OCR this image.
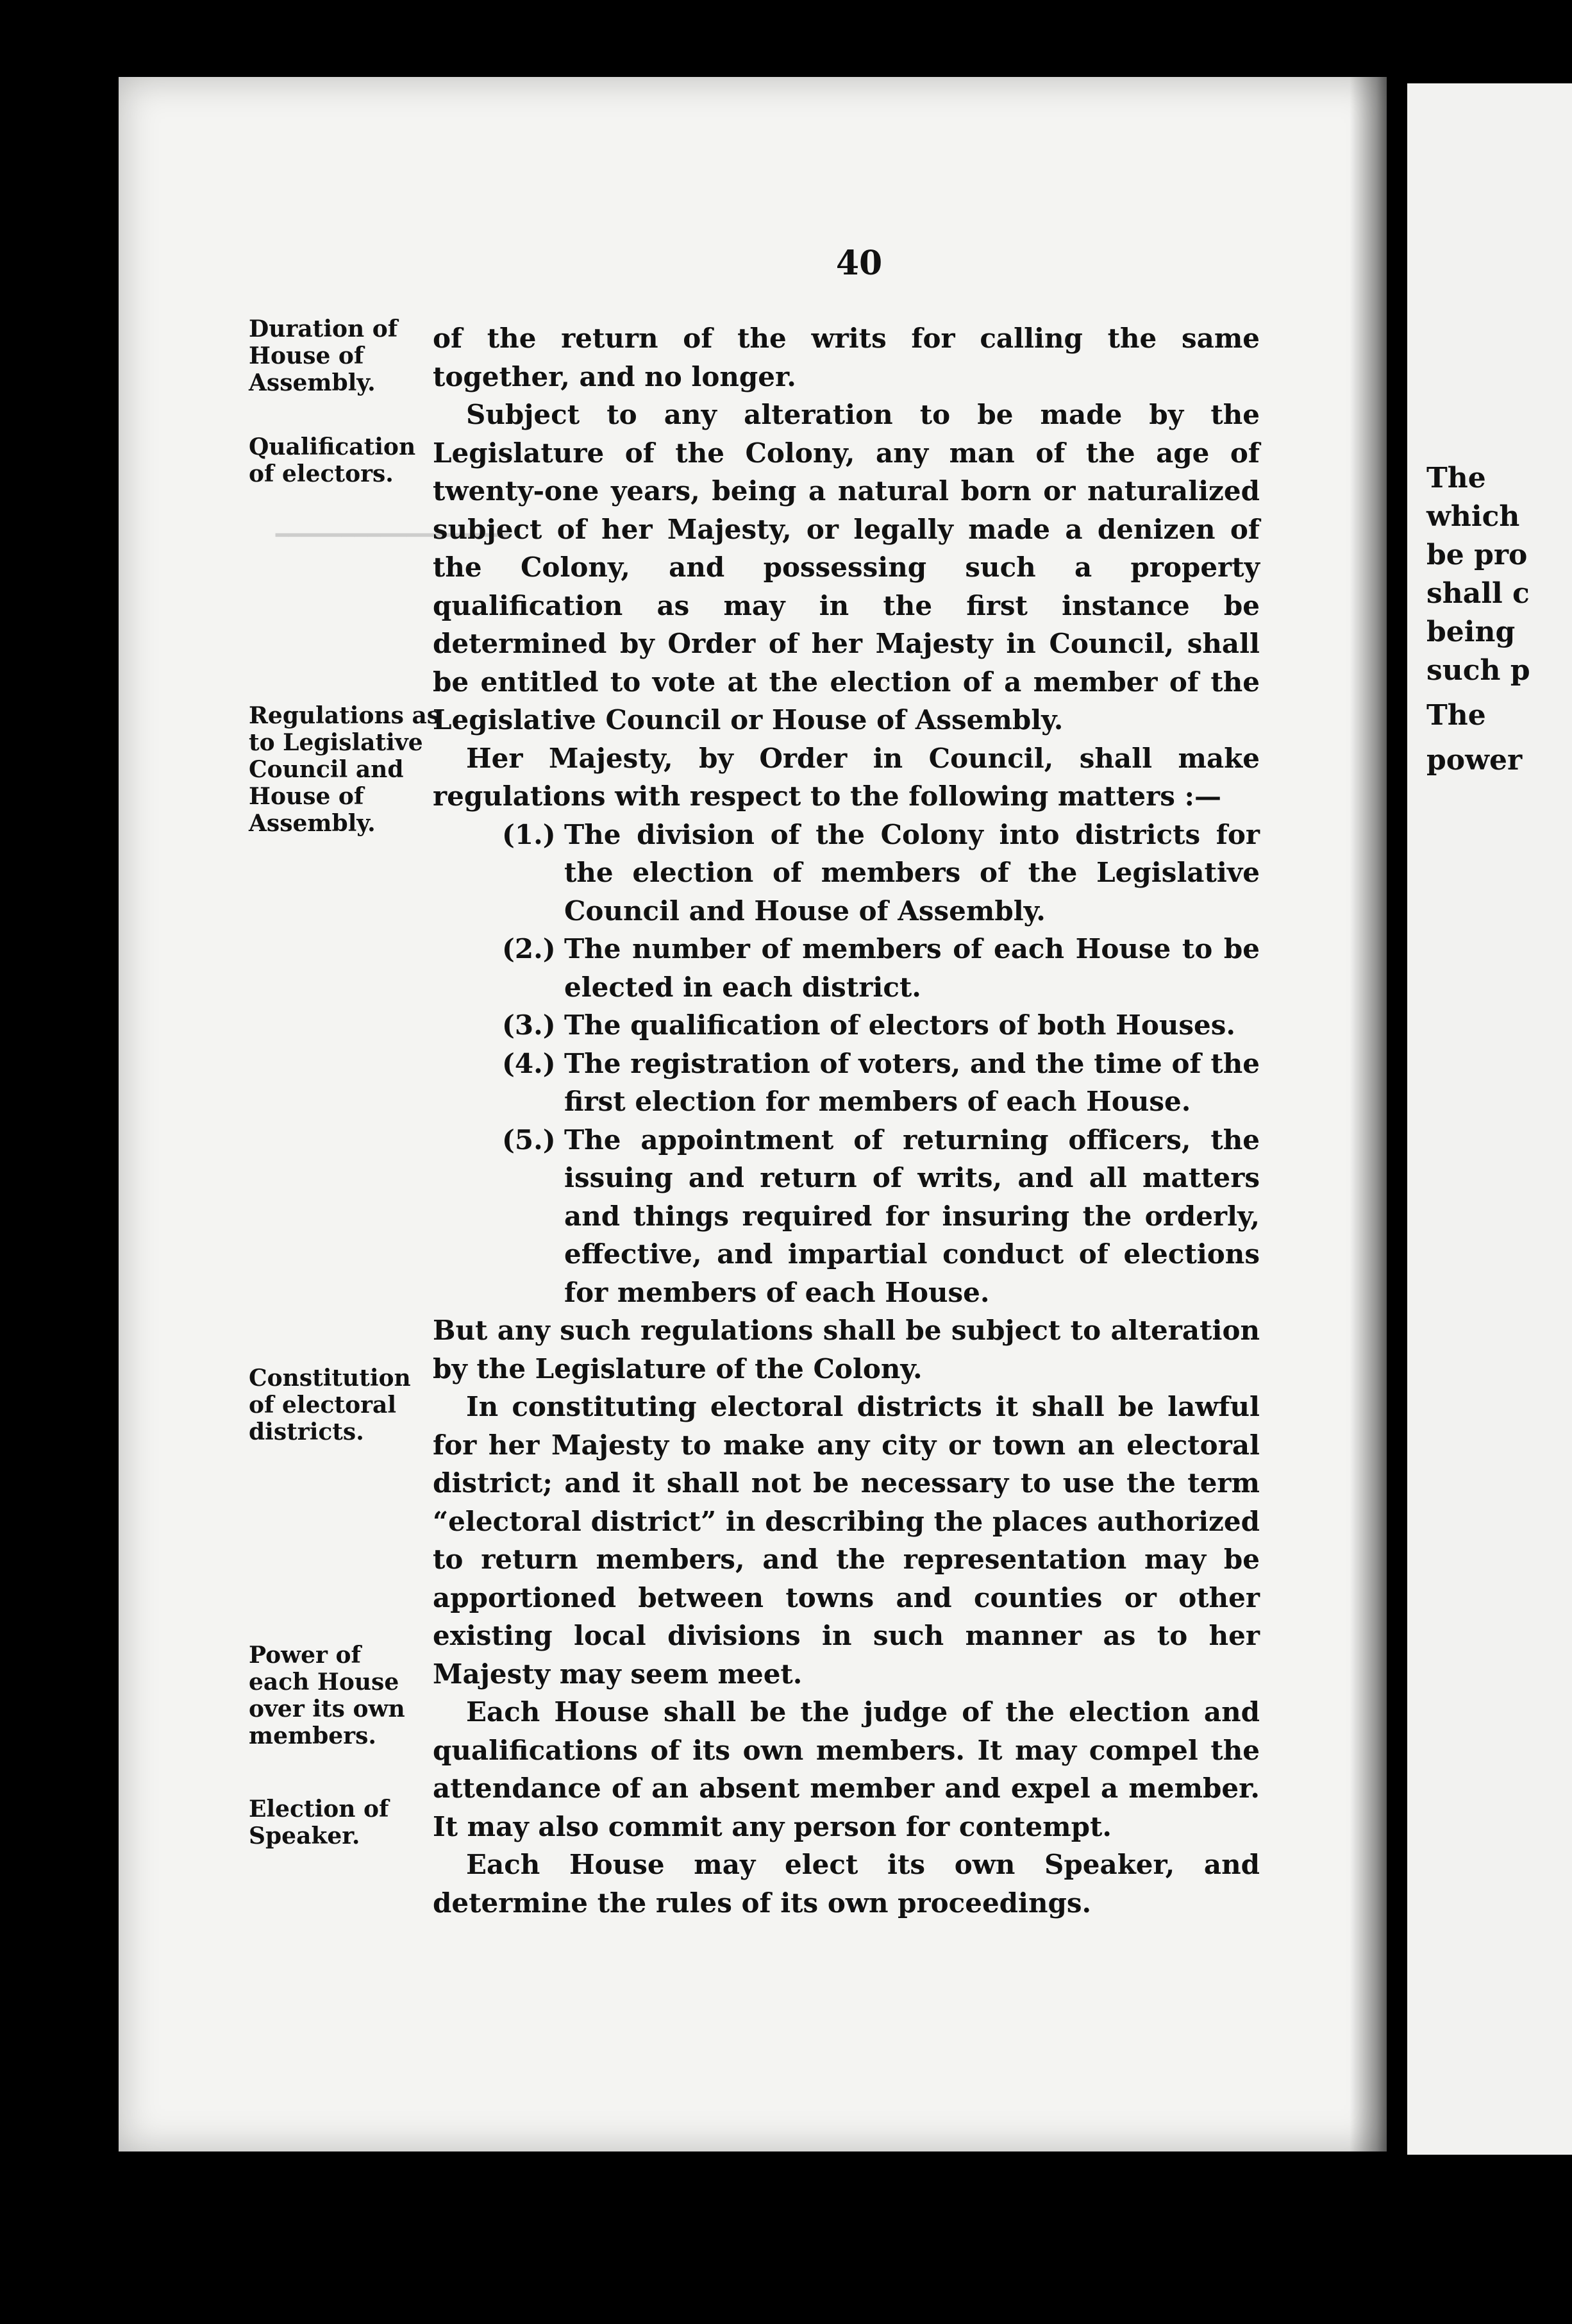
━━━━━━━━━━━━━━━━━━
The
which
be pro
shall c
being
such p
The
power
40
Duration of
House of
Assembly.
Qualification
of electors.
Regulations as
to Legislative
Council and
House of
Assembly.
Constitution
of electoral
districts.
Power of
each House
over its own
members.
Election of
Speaker.

of the return of the writs for calling the same together, and no longer.

Subject to any alteration to be made by the Legislature of the Colony, any man of the age of twenty-one years, being a natural born or naturalized subject of her Majesty, or legally made a denizen of the Colony, and possessing such a property qualification as may in the first instance be determined by Order of her Majesty in Council, shall be entitled to vote at the election of a member of the Legislative Council or House of Assembly.

Her Majesty, by Order in Council, shall make regulations with respect to the following matters :—

(1.) The division of the Colony into districts for the election of members of the Legislative Council and House of Assembly.
(2.) The number of members of each House to be elected in each district.
(3.) The qualification of electors of both Houses.
(4.) The registration of voters, and the time of the first election for members of each House.
(5.) The appointment of returning officers, the issuing and return of writs, and all matters and things required for insuring the orderly, effective, and impartial conduct of elections for members of each House.

But any such regulations shall be subject to alteration by the Legislature of the Colony.

In constituting electoral districts it shall be lawful for her Majesty to make any city or town an electoral district; and it shall not be necessary to use the term “electoral district” in describing the places authorized to return members, and the representation may be apportioned between towns and counties or other existing local divisions in such manner as to her Majesty may seem meet.

Each House shall be the judge of the election and qualifications of its own members. It may compel the attendance of an absent member and expel a member. It may also commit any person for contempt.

Each House may elect its own Speaker, and determine the rules of its own proceedings.
